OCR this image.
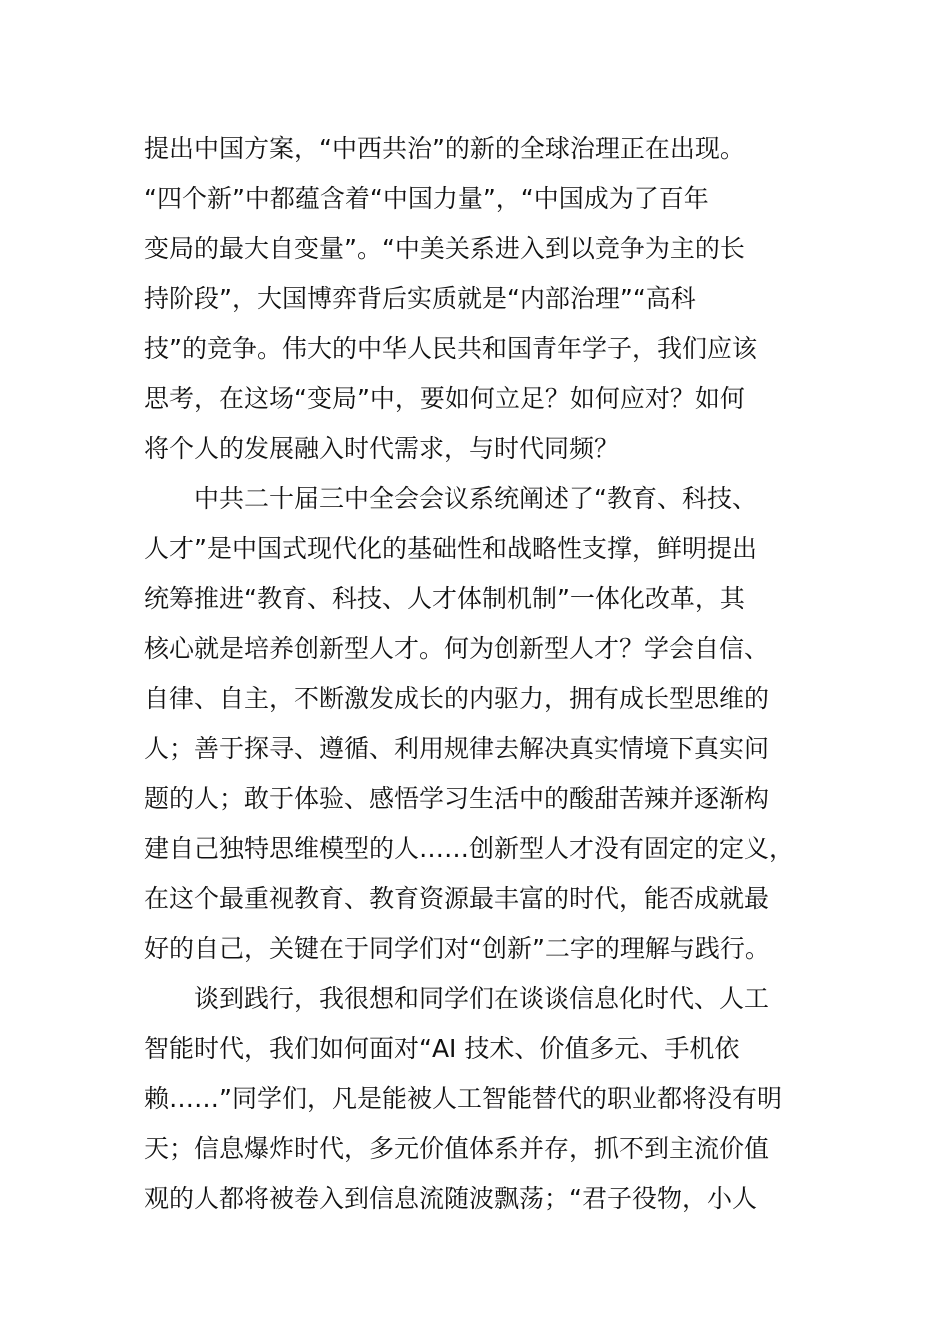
提出中国方案，“中西共治”的新的全球治理正在出现。
“四个新”中都蕴含着“中国力量”，“中国成为了百年
变局的最大自变量”。“中美关系进入到以竞争为主的长
持阶段”，大国博弈背后实质就是“内部治理”“高科
技”的竞争。伟大的中华人民共和国青年学子，我们应该
思考，在这场“变局”中，要如何立足？如何应对？如何
将个人的发展融入时代需求，与时代同频？
　　中共二十届三中全会会议系统阐述了“教育、科技、
人才”是中国式现代化的基础性和战略性支撑，鲜明提出
统筹推进“教育、科技、人才体制机制”一体化改革，其
核心就是培养创新型人才。何为创新型人才？学会自信、
自律、自主，不断激发成长的内驱力，拥有成长型思维的
人；善于探寻、遵循、利用规律去解决真实情境下真实问
题的人；敢于体验、感悟学习生活中的酸甜苦辣并逐渐构
建自己独特思维模型的人……创新型人才没有固定的定义，
在这个最重视教育、教育资源最丰富的时代，能否成就最
好的自己，关键在于同学们对“创新”二字的理解与践行。
　　谈到践行，我很想和同学们在谈谈信息化时代、人工
智能时代，我们如何面对“AI 技术、价值多元、手机依
赖……”同学们，凡是能被人工智能替代的职业都将没有明
天；信息爆炸时代，多元价值体系并存，抓不到主流价值
观的人都将被卷入到信息流随波飘荡；“君子役物，小人
